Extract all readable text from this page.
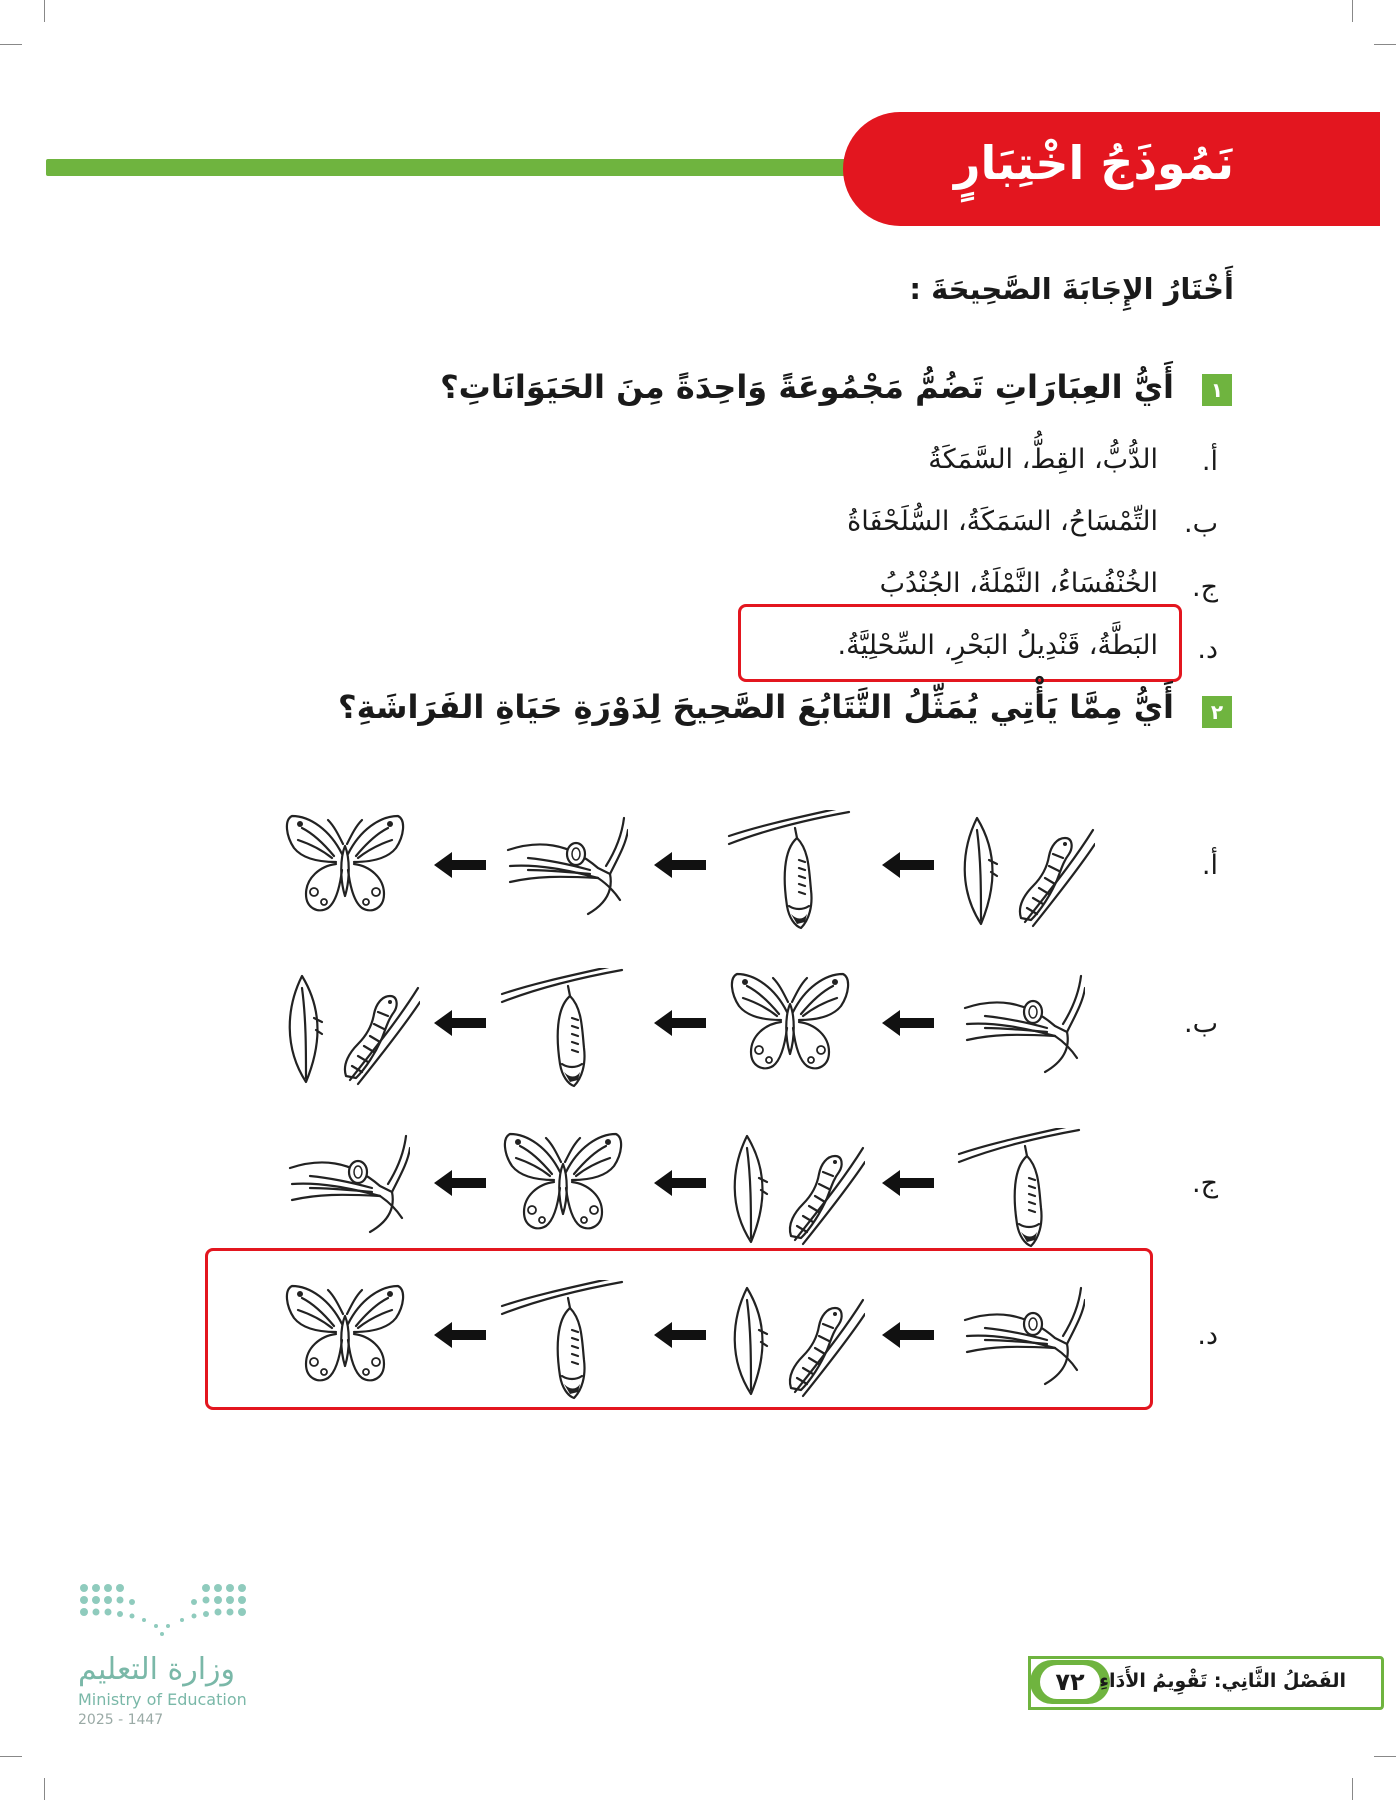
نَمُوذَجُ اخْتِبَارٍ
أَخْتَارُ الإِجَابَةَ الصَّحِيحَةَ :
١
أَيُّ العِبَارَاتِ تَضُمُّ مَجْمُوعَةً وَاحِدَةً مِنَ الحَيَوَانَاتِ؟
أ.
الدُّبُّ، القِطُّ، السَّمَكَةُ
ب.
التِّمْسَاحُ، السَمَكَةُ، السُّلَحْفَاةُ
ج.
الخُنْفُسَاءُ، النَّمْلَةُ، الجُنْدُبُ
د.
البَطَّةُ، قَنْدِيلُ البَحْرِ، السِّحْلِيَّةُ.
٢
أَيُّ مِمَّا يَأْتِي يُمَثِّلُ التَّتَابُعَ الصَّحِيحَ لِدَوْرَةِ حَيَاةِ الفَرَاشَةِ؟
أ.
ب.
ج.
د.
وزارة التعليم
Ministry of Education
2025 - 1447
٧٢ الفَصْلُ الثَّانِي: تَقْوِيمُ الأَدَاءِ
